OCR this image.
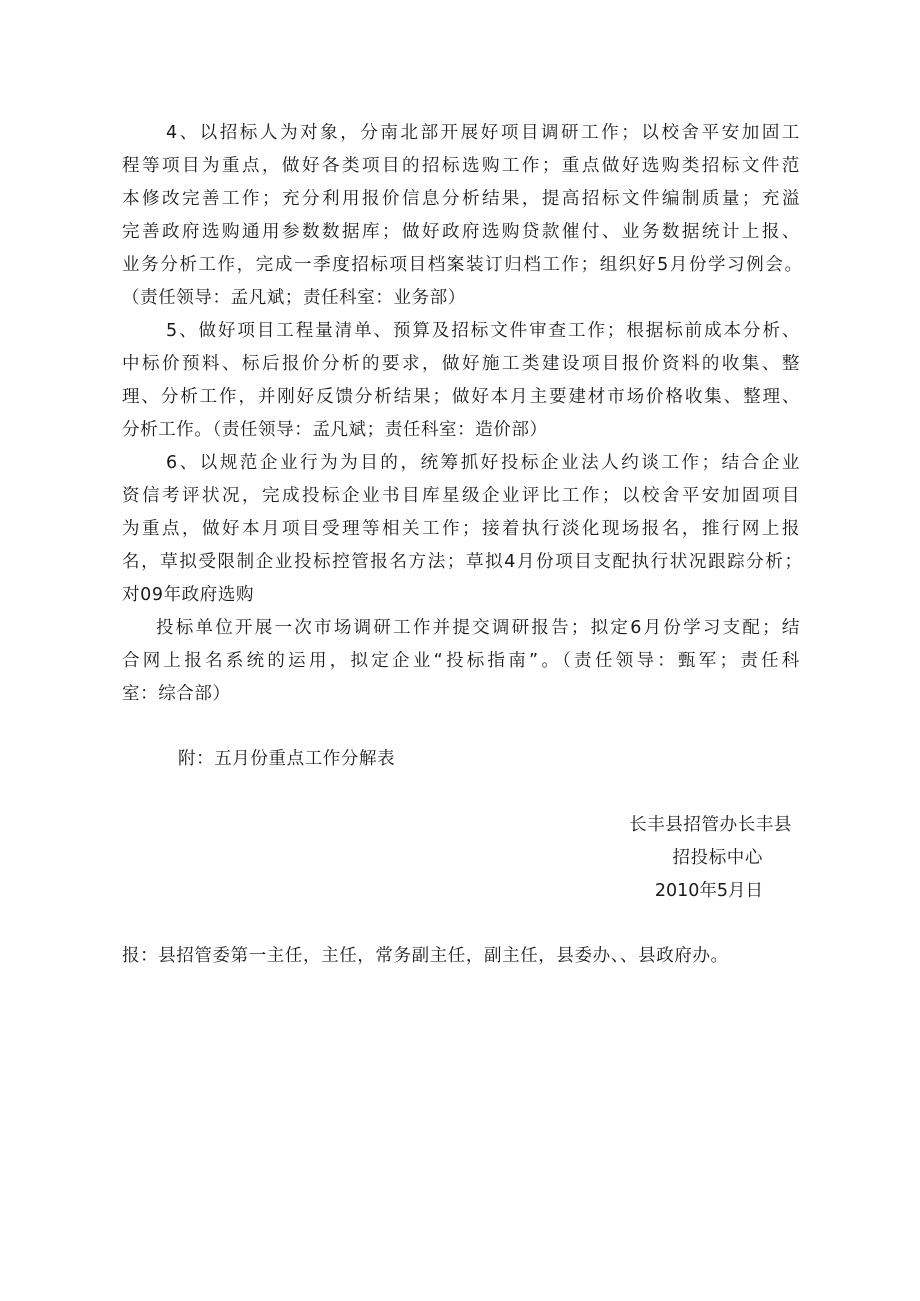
4、以招标人为对象，分南北部开展好项目调研工作；以校舍平安加固工
程等项目为重点，做好各类项目的招标选购工作；重点做好选购类招标文件范
本修改完善工作；充分利用报价信息分析结果，提高招标文件编制质量；充溢
完善政府选购通用参数数据库；做好政府选购贷款催付、业务数据统计上报、
业务分析工作，完成一季度招标项目档案装订归档工作；组织好5月份学习例会。
（责任领导：孟凡斌；责任科室：业务部）
5、做好项目工程量清单、预算及招标文件审查工作；根据标前成本分析、
中标价预料、标后报价分析的要求，做好施工类建设项目报价资料的收集、整
理、分析工作，并刚好反馈分析结果；做好本月主要建材市场价格收集、整理、
分析工作。（责任领导：孟凡斌；责任科室：造价部）
6、以规范企业行为为目的，统筹抓好投标企业法人约谈工作；结合企业
资信考评状况，完成投标企业书目库星级企业评比工作；以校舍平安加固项目
为重点，做好本月项目受理等相关工作；接着执行淡化现场报名，推行网上报
名，草拟受限制企业投标控管报名方法；草拟4月份项目支配执行状况跟踪分析；
对09年政府选购
投标单位开展一次市场调研工作并提交调研报告；拟定6月份学习支配；结
合网上报名系统的运用，拟定企业“投标指南”。（责任领导：甄军；责任科
室：综合部）
附：五月份重点工作分解表
长丰县招管办长丰县
招投标中心
2010年5月日
报：县招管委第一主任，主任，常务副主任，副主任，县委办、、县政府办。
